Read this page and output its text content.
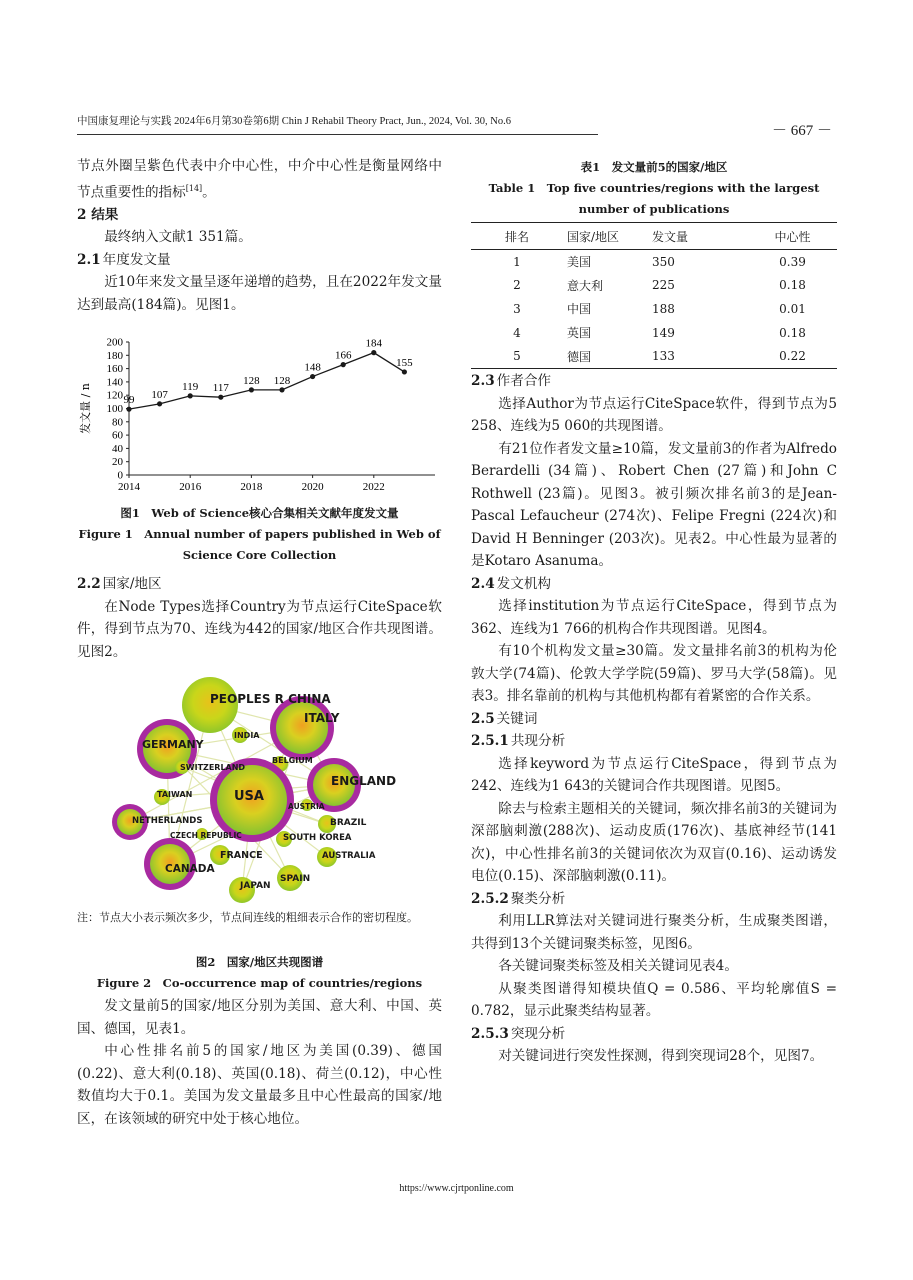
中国康复理论与实践 2024年6月第30卷第6期 Chin J Rehabil Theory Pract, Jun., 2024, Vol. 30, No.6
－ 667 －

节点外圈呈紫色代表中介中心性，中介中心性是衡量网络中节点重要性的指标[14]。

2 结果

最终纳入文献1 351篇。

2.1 年度发文量

近10年来发文量呈逐年递增的趋势，且在2022年发文量达到最高(184篇)。见图1。

0
20
40
60
80
100
120
140
160
180
200
2014	2016	2018	2020	2022
发文量 / n	99 107
119 117
128 128
148
166
184
155
图1　Web of Science核心合集相关文献年度发文量
Figure 1　Annual number of papers published in Web of Science Core Collection

2.2 国家/地区

在Node Types选择Country为节点运行CiteSpace软件，得到节点为70、连线为442的国家/地区合作共现图谱。见图2。

PEOPLES R CHINA
ITALY
INDIA
GERMANY
BELGIUM
SWITZERLAND
ENGLAND
TAIWAN	USA
AUSTRIA
BRAZIL
NETHERLANDS
CZECH REPUBLIC	SOUTH KOREA
FRANCE	AUSTRALIA
CANADA
SPAIN
JAPAN
注：节点大小表示频次多少，节点间连线的粗细表示合作的密切程度。
图2　国家/地区共现图谱
Figure 2　Co-occurrence map of countries/regions

发文量前5的国家/地区分别为美国、意大利、中国、英国、德国，见表1。

中心性排名前5的国家/地区为美国(0.39)、德国(0.22)、意大利(0.18)、英国(0.18)、荷兰(0.12)，中心性数值均大于0.1。美国为发文量最多且中心性最高的国家/地区，在该领域的研究中处于核心地位。

表1　发文量前5的国家/地区
Table 1　Top five countries/regions with the largest number of publications
排名	国家/地区	发文量	中心性
1	美国	350	0.39
2	意大利	225	0.18
3	中国	188	0.01
4	英国	149	0.18
5	德国	133	0.22

2.3 作者合作

选择Author为节点运行CiteSpace软件，得到节点为5 258、连线为5 060的共现图谱。

有21位作者发文量≥10篇，发文量前3的作者为Alfredo Berardelli (34篇)、Robert Chen (27篇)和John C Rothwell (23篇)。见图3。被引频次排名前3的是Jean-Pascal Lefaucheur (274次)、Felipe Fregni (224次)和David H Benninger (203次)。见表2。中心性最为显著的是Kotaro Asanuma。

2.4 发文机构

选择institution为节点运行CiteSpace，得到节点为362、连线为1 766的机构合作共现图谱。见图4。

有10个机构发文量≥30篇。发文量排名前3的机构为伦敦大学(74篇)、伦敦大学学院(59篇)、罗马大学(58篇)。见表3。排名靠前的机构与其他机构都有着紧密的合作关系。

2.5 关键词

2.5.1 共现分析

选择keyword为节点运行CiteSpace，得到节点为242、连线为1 643的关键词合作共现图谱。见图5。

除去与检索主题相关的关键词，频次排名前3的关键词为深部脑刺激(288次)、运动皮质(176次)、基底神经节(141次)，中心性排名前3的关键词依次为双盲(0.16)、运动诱发电位(0.15)、深部脑刺激(0.11)。

2.5.2 聚类分析

利用LLR算法对关键词进行聚类分析，生成聚类图谱，共得到13个关键词聚类标签，见图6。

各关键词聚类标签及相关关键词见表4。

从聚类图谱得知模块值Q = 0.586、平均轮廓值S = 0.782，显示此聚类结构显著。

2.5.3 突现分析

对关键词进行突发性探测，得到突现词28个，见图7。

https://www.cjrtponline.com
